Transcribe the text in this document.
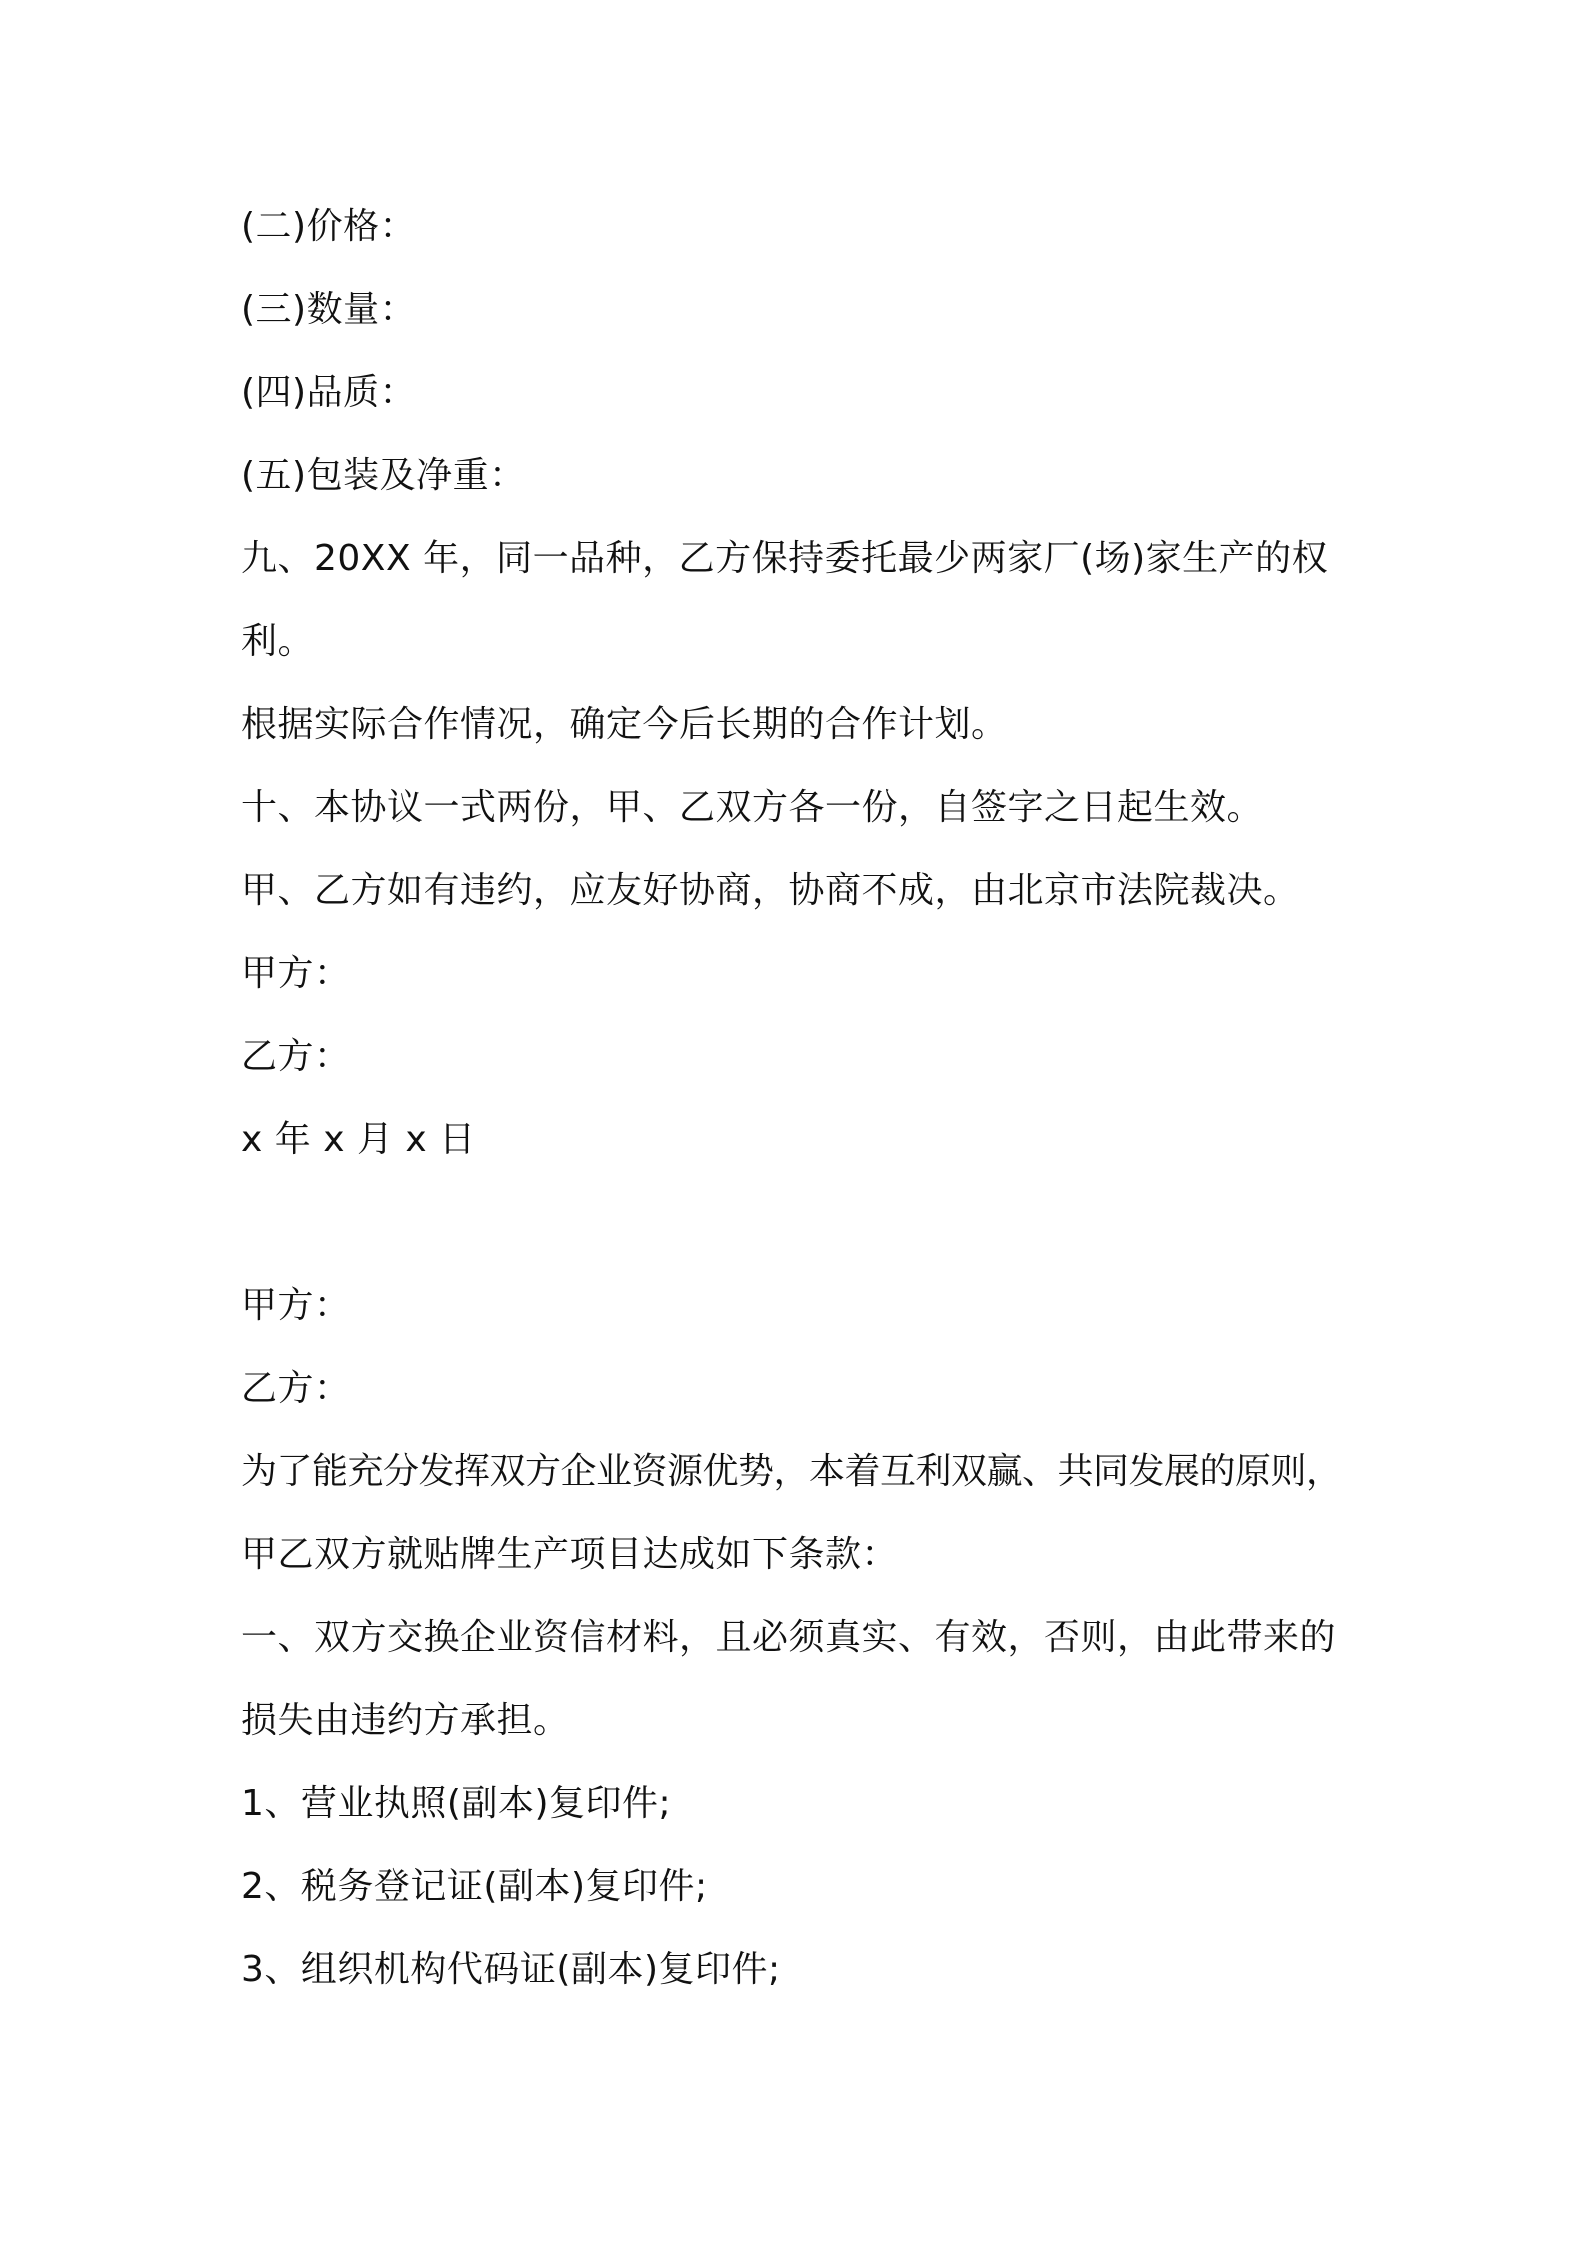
(二)价格：
(三)数量：
(四)品质：
(五)包装及净重：
九、20XX 年，同一品种，乙方保持委托最少两家厂(场)家生产的权
利。
根据实际合作情况，确定今后长期的合作计划。
十、本协议一式两份，甲、乙双方各一份，自签字之日起生效。
甲、乙方如有违约，应友好协商，协商不成，由北京市法院裁决。
甲方：
乙方：
x 年 x 月 x 日
甲方：
乙方：
为了能充分发挥双方企业资源优势，本着互利双赢、共同发展的原则，
甲乙双方就贴牌生产项目达成如下条款：
一、双方交换企业资信材料，且必须真实、有效，否则，由此带来的
损失由违约方承担。
1、营业执照(副本)复印件;
2、税务登记证(副本)复印件;
3、组织机构代码证(副本)复印件;
